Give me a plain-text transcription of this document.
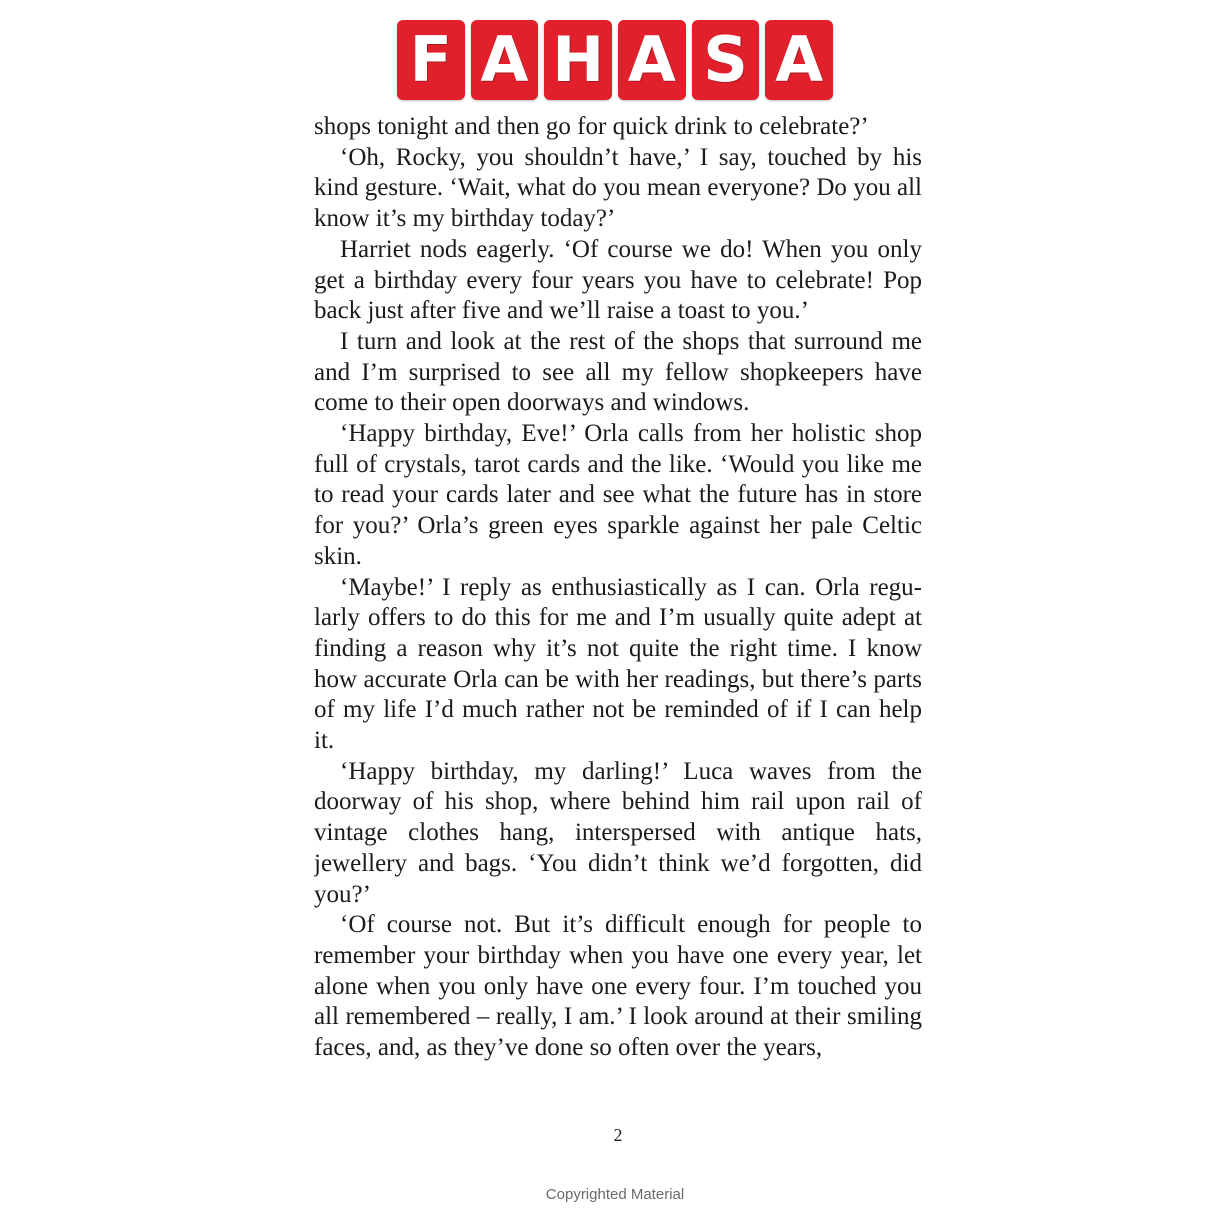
F A H A S A

shops tonight and then go for quick drink to celebrate?’

‘Oh, Rocky, you shouldn’t have,’ I say, touched by his kind gesture. ‘Wait, what do you mean everyone? Do you all know it’s my birthday today?’

Harriet nods eagerly. ‘Of course we do! When you only get a birthday every four years you have to celebrate! Pop back just after five and we’ll raise a toast to you.’

I turn and look at the rest of the shops that surround me and I’m surprised to see all my fellow shopkeepers have come to their open doorways and windows.

‘Happy birthday, Eve!’ Orla calls from her holistic shop full of crystals, tarot cards and the like. ‘Would you like me to read your cards later and see what the future has in store for you?’ Orla’s green eyes sparkle against her pale Celtic skin.

‘Maybe!’ I reply as enthusiastically as I can. Orla regularly offers to do this for me and I’m usually quite adept at finding a reason why it’s not quite the right time. I know how accurate Orla can be with her readings, but there’s parts of my life I’d much rather not be reminded of if I can help it.

‘Happy birthday, my darling!’ Luca waves from the doorway of his shop, where behind him rail upon rail of vintage clothes hang, interspersed with antique hats, jewellery and bags. ‘You didn’t think we’d forgotten, did you?’

‘Of course not. But it’s difficult enough for people to remember your birthday when you have one every year, let alone when you only have one every four. I’m touched you all remembered – really, I am.’ I look around at their smiling faces, and, as they’ve done so often over the years,

2
Copyrighted Material
